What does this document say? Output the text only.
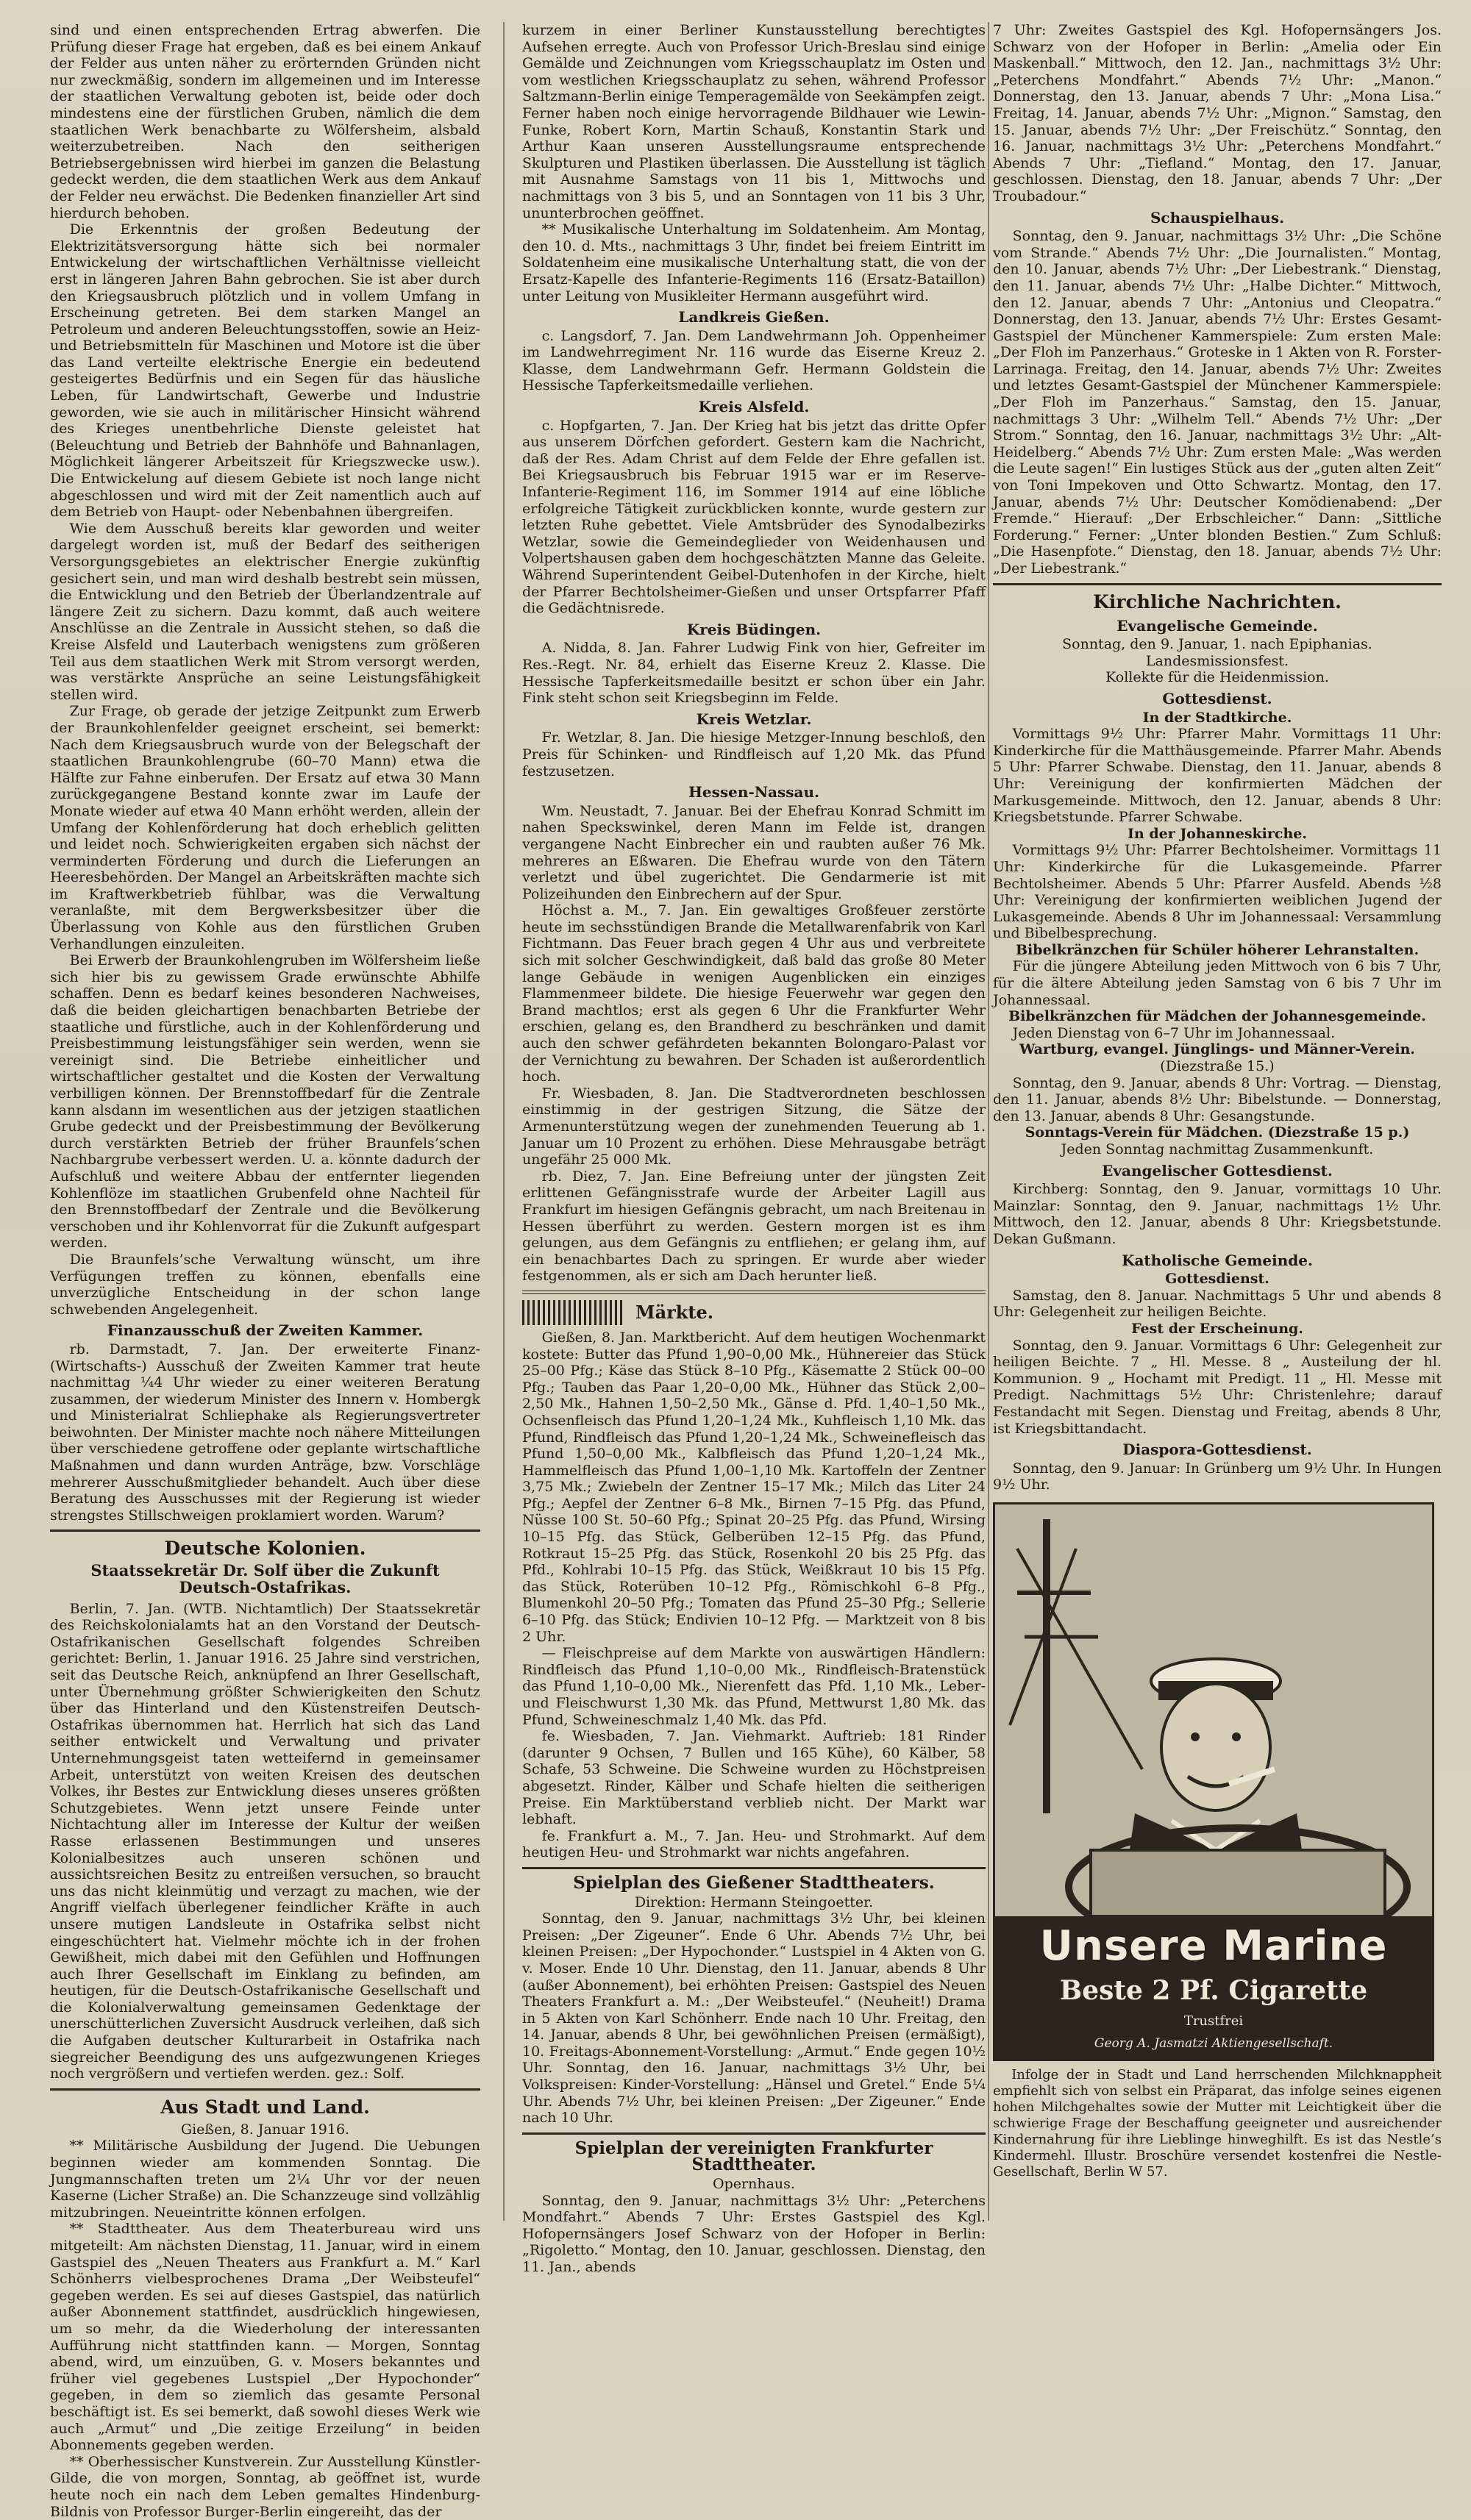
sind und einen entsprechenden Ertrag abwerfen. Die Prüfung dieser Frage hat ergeben, daß es bei einem Ankauf der Felder aus unten näher zu erörternden Gründen nicht nur zweckmäßig, sondern im allgemeinen und im Interesse der staatlichen Verwaltung geboten ist, beide oder doch mindestens eine der fürstlichen Gruben, nämlich die dem staatlichen Werk benachbarte zu Wölfersheim, alsbald weiterzubetreiben. Nach den seitherigen Betriebsergebnissen wird hierbei im ganzen die Belastung gedeckt werden, die dem staatlichen Werk aus dem Ankauf der Felder neu erwächst. Die Bedenken finanzieller Art sind hierdurch behoben.

Die Erkenntnis der großen Bedeutung der Elektrizitätsversorgung hätte sich bei normaler Entwickelung der wirtschaftlichen Verhältnisse vielleicht erst in längeren Jahren Bahn gebrochen. Sie ist aber durch den Kriegsausbruch plötzlich und in vollem Umfang in Erscheinung getreten. Bei dem starken Mangel an Petroleum und anderen Beleuchtungsstoffen, sowie an Heiz- und Betriebsmitteln für Maschinen und Motore ist die über das Land verteilte elektrische Energie ein bedeutend gesteigertes Bedürfnis und ein Segen für das häusliche Leben, für Landwirtschaft, Gewerbe und Industrie geworden, wie sie auch in militärischer Hinsicht während des Krieges unentbehrliche Dienste geleistet hat (Beleuchtung und Betrieb der Bahnhöfe und Bahnanlagen, Möglichkeit längerer Arbeitszeit für Kriegszwecke usw.). Die Entwickelung auf diesem Gebiete ist noch lange nicht abgeschlossen und wird mit der Zeit namentlich auch auf dem Betrieb von Haupt- oder Nebenbahnen übergreifen.

Wie dem Ausschuß bereits klar geworden und weiter dargelegt worden ist, muß der Bedarf des seitherigen Versorgungsgebietes an elektrischer Energie zukünftig gesichert sein, und man wird deshalb bestrebt sein müssen, die Entwicklung und den Betrieb der Überlandzentrale auf längere Zeit zu sichern. Dazu kommt, daß auch weitere Anschlüsse an die Zentrale in Aussicht stehen, so daß die Kreise Alsfeld und Lauterbach wenigstens zum größeren Teil aus dem staatlichen Werk mit Strom versorgt werden, was verstärkte Ansprüche an seine Leistungsfähigkeit stellen wird.

Zur Frage, ob gerade der jetzige Zeitpunkt zum Erwerb der Braunkohlenfelder geeignet erscheint, sei bemerkt: Nach dem Kriegsausbruch wurde von der Belegschaft der staatlichen Braunkohlengrube (60–70 Mann) etwa die Hälfte zur Fahne einberufen. Der Ersatz auf etwa 30 Mann zurückgegangene Bestand konnte zwar im Laufe der Monate wieder auf etwa 40 Mann erhöht werden, allein der Umfang der Kohlenförderung hat doch erheblich gelitten und leidet noch. Schwierigkeiten ergaben sich nächst der verminderten Förderung und durch die Lieferungen an Heeresbehörden. Der Mangel an Arbeitskräften machte sich im Kraftwerkbetrieb fühlbar, was die Verwaltung veranlaßte, mit dem Bergwerksbesitzer über die Überlassung von Kohle aus den fürstlichen Gruben Verhandlungen einzuleiten.

Bei Erwerb der Braunkohlengruben im Wölfersheim ließe sich hier bis zu gewissem Grade erwünschte Abhilfe schaffen. Denn es bedarf keines besonderen Nachweises, daß die beiden gleichartigen benachbarten Betriebe der staatliche und fürstliche, auch in der Kohlenförderung und Preisbestimmung leistungsfähiger sein werden, wenn sie vereinigt sind. Die Betriebe einheitlicher und wirtschaftlicher gestaltet und die Kosten der Verwaltung verbilligen können. Der Brennstoffbedarf für die Zentrale kann alsdann im wesentlichen aus der jetzigen staatlichen Grube gedeckt und der Preisbestimmung der Bevölkerung durch verstärkten Betrieb der früher Braunfels’schen Nachbargrube verbessert werden. U. a. könnte dadurch der Aufschluß und weitere Abbau der entfernter liegenden Kohlenflöze im staatlichen Grubenfeld ohne Nachteil für den Brennstoffbedarf der Zentrale und die Bevölkerung verschoben und ihr Kohlenvorrat für die Zukunft aufgespart werden.

Die Braunfels’sche Verwaltung wünscht, um ihre Verfügungen treffen zu können, ebenfalls eine unverzügliche Entscheidung in der schon lange schwebenden Angelegenheit.

Finanzausschuß der Zweiten Kammer.

rb. Darmstadt, 7. Jan. Der erweiterte Finanz-(Wirtschafts-) Ausschuß der Zweiten Kammer trat heute nachmittag ¼4 Uhr wieder zu einer weiteren Beratung zusammen, der wiederum Minister des Innern v. Hombergk und Ministerialrat Schliephake als Regierungsvertreter beiwohnten. Der Minister machte noch nähere Mitteilungen über verschiedene getroffene oder geplante wirtschaftliche Maßnahmen und dann wurden Anträge, bzw. Vorschläge mehrerer Ausschußmitglieder behandelt. Auch über diese Beratung des Ausschusses mit der Regierung ist wieder strengstes Stillschweigen proklamiert worden. Warum?

Deutsche Kolonien.
Staatssekretär Dr. Solf über die Zukunft Deutsch-Ostafrikas.

Berlin, 7. Jan. (WTB. Nichtamtlich) Der Staatssekretär des Reichskolonialamts hat an den Vorstand der Deutsch-Ostafrikanischen Gesellschaft folgendes Schreiben gerichtet: Berlin, 1. Januar 1916. 25 Jahre sind verstrichen, seit das Deutsche Reich, anknüpfend an Ihrer Gesellschaft, unter Übernehmung größter Schwierigkeiten den Schutz über das Hinterland und den Küstenstreifen Deutsch-Ostafrikas übernommen hat. Herrlich hat sich das Land seither entwickelt und Verwaltung und privater Unternehmungsgeist taten wetteifernd in gemeinsamer Arbeit, unterstützt von weiten Kreisen des deutschen Volkes, ihr Bestes zur Entwicklung dieses unseres größten Schutzgebietes. Wenn jetzt unsere Feinde unter Nichtachtung aller im Interesse der Kultur der weißen Rasse erlassenen Bestimmungen und unseres Kolonialbesitzes auch unseren schönen und aussichtsreichen Besitz zu entreißen versuchen, so braucht uns das nicht kleinmütig und verzagt zu machen, wie der Angriff vielfach überlegener feindlicher Kräfte in auch unsere mutigen Landsleute in Ostafrika selbst nicht eingeschüchtert hat. Vielmehr möchte ich in der frohen Gewißheit, mich dabei mit den Gefühlen und Hoffnungen auch Ihrer Gesellschaft im Einklang zu befinden, am heutigen, für die Deutsch-Ostafrikanische Gesellschaft und die Kolonialverwaltung gemeinsamen Gedenktage der unerschütterlichen Zuversicht Ausdruck verleihen, daß sich die Aufgaben deutscher Kulturarbeit in Ostafrika nach siegreicher Beendigung des uns aufgezwungenen Krieges noch vergrößern und vertiefen werden. gez.: Solf.

Aus Stadt und Land.
Gießen, 8. Januar 1916.

** Militärische Ausbildung der Jugend. Die Uebungen beginnen wieder am kommenden Sonntag. Die Jungmannschaften treten um 2¼ Uhr vor der neuen Kaserne (Licher Straße) an. Die Schanzzeuge sind vollzählig mitzubringen. Neueintritte können erfolgen.

** Stadttheater. Aus dem Theaterbureau wird uns mitgeteilt: Am nächsten Dienstag, 11. Januar, wird in einem Gastspiel des „Neuen Theaters aus Frankfurt a. M.“ Karl Schönherrs vielbesprochenes Drama „Der Weibsteufel“ gegeben werden. Es sei auf dieses Gastspiel, das natürlich außer Abonnement stattfindet, ausdrücklich hingewiesen, um so mehr, da die Wiederholung der interessanten Aufführung nicht stattfinden kann. — Morgen, Sonntag abend, wird, um einzuüben, G. v. Mosers bekanntes und früher viel gegebenes Lustspiel „Der Hypochonder“ gegeben, in dem so ziemlich das gesamte Personal beschäftigt ist. Es sei bemerkt, daß sowohl dieses Werk wie auch „Armut“ und „Die zeitige Erzeilung“ in beiden Abonnements gegeben werden.

** Oberhessischer Kunstverein. Zur Ausstellung Künstler-Gilde, die von morgen, Sonntag, ab geöffnet ist, wurde heute noch ein nach dem Leben gemaltes Hindenburg-Bildnis von Professor Burger-Berlin eingereiht, das der

kurzem in einer Berliner Kunstausstellung berechtigtes Aufsehen erregte. Auch von Professor Urich-Breslau sind einige Gemälde und Zeichnungen vom Kriegsschauplatz im Osten und vom westlichen Kriegsschauplatz zu sehen, während Professor Saltzmann-Berlin einige Temperagemälde von Seekämpfen zeigt. Ferner haben noch einige hervorragende Bildhauer wie Lewin-Funke, Robert Korn, Martin Schauß, Konstantin Stark und Arthur Kaan unseren Ausstellungsraume entsprechende Skulpturen und Plastiken überlassen. Die Ausstellung ist täglich mit Ausnahme Samstags von 11 bis 1, Mittwochs und nachmittags von 3 bis 5, und an Sonntagen von 11 bis 3 Uhr, ununterbrochen geöffnet.

** Musikalische Unterhaltung im Soldatenheim. Am Montag, den 10. d. Mts., nachmittags 3 Uhr, findet bei freiem Eintritt im Soldatenheim eine musikalische Unterhaltung statt, die von der Ersatz-Kapelle des Infanterie-Regiments 116 (Ersatz-Bataillon) unter Leitung von Musikleiter Hermann ausgeführt wird.

Landkreis Gießen.

c. Langsdorf, 7. Jan. Dem Landwehrmann Joh. Oppenheimer im Landwehrregiment Nr. 116 wurde das Eiserne Kreuz 2. Klasse, dem Landwehrmann Gefr. Hermann Goldstein die Hessische Tapferkeitsmedaille verliehen.

Kreis Alsfeld.

c. Hopfgarten, 7. Jan. Der Krieg hat bis jetzt das dritte Opfer aus unserem Dörfchen gefordert. Gestern kam die Nachricht, daß der Res. Adam Christ auf dem Felde der Ehre gefallen ist. Bei Kriegsausbruch bis Februar 1915 war er im Reserve-Infanterie-Regiment 116, im Sommer 1914 auf eine löbliche erfolgreiche Tätigkeit zurückblicken konnte, wurde gestern zur letzten Ruhe gebettet. Viele Amtsbrüder des Synodalbezirks Wetzlar, sowie die Gemeindeglieder von Weidenhausen und Volpertshausen gaben dem hochgeschätzten Manne das Geleite. Während Superintendent Geibel-Dutenhofen in der Kirche, hielt der Pfarrer Bechtolsheimer-Gießen und unser Ortspfarrer Pfaff die Gedächtnisrede.

Kreis Büdingen.

A. Nidda, 8. Jan. Fahrer Ludwig Fink von hier, Gefreiter im Res.-Regt. Nr. 84, erhielt das Eiserne Kreuz 2. Klasse. Die Hessische Tapferkeitsmedaille besitzt er schon über ein Jahr. Fink steht schon seit Kriegsbeginn im Felde.

Kreis Wetzlar.

Fr. Wetzlar, 8. Jan. Die hiesige Metzger-Innung beschloß, den Preis für Schinken- und Rindfleisch auf 1,20 Mk. das Pfund festzusetzen.

Hessen-Nassau.

Wm. Neustadt, 7. Januar. Bei der Ehefrau Konrad Schmitt im nahen Speckswinkel, deren Mann im Felde ist, drangen vergangene Nacht Einbrecher ein und raubten außer 76 Mk. mehreres an Eßwaren. Die Ehefrau wurde von den Tätern verletzt und übel zugerichtet. Die Gendarmerie ist mit Polizeihunden den Einbrechern auf der Spur.

Höchst a. M., 7. Jan. Ein gewaltiges Großfeuer zerstörte heute im sechsstündigen Brande die Metallwarenfabrik von Karl Fichtmann. Das Feuer brach gegen 4 Uhr aus und verbreitete sich mit solcher Geschwindigkeit, daß bald das große 80 Meter lange Gebäude in wenigen Augenblicken ein einziges Flammenmeer bildete. Die hiesige Feuerwehr war gegen den Brand machtlos; erst als gegen 6 Uhr die Frankfurter Wehr erschien, gelang es, den Brandherd zu beschränken und damit auch den schwer gefährdeten bekannten Bolongaro-Palast vor der Vernichtung zu bewahren. Der Schaden ist außerordentlich hoch.

Fr. Wiesbaden, 8. Jan. Die Stadtverordneten beschlossen einstimmig in der gestrigen Sitzung, die Sätze der Armenunterstützung wegen der zunehmenden Teuerung ab 1. Januar um 10 Prozent zu erhöhen. Diese Mehrausgabe beträgt ungefähr 25 000 Mk.

rb. Diez, 7. Jan. Eine Befreiung unter der jüngsten Zeit erlittenen Gefängnisstrafe wurde der Arbeiter Lagill aus Frankfurt im hiesigen Gefängnis gebracht, um nach Breitenau in Hessen überführt zu werden. Gestern morgen ist es ihm gelungen, aus dem Gefängnis zu entfliehen; er gelang ihm, auf ein benachbartes Dach zu springen. Er wurde aber wieder festgenommen, als er sich am Dach herunter ließ.

Märkte.

Gießen, 8. Jan. Marktbericht. Auf dem heutigen Wochenmarkt kostete: Butter das Pfund 1,90–0,00 Mk., Hühnereier das Stück 25–00 Pfg.; Käse das Stück 8–10 Pfg., Käsematte 2 Stück 00–00 Pfg.; Tauben das Paar 1,20–0,00 Mk., Hühner das Stück 2,00–2,50 Mk., Hahnen 1,50–2,50 Mk., Gänse d. Pfd. 1,40–1,50 Mk., Ochsenfleisch das Pfund 1,20–1,24 Mk., Kuhfleisch 1,10 Mk. das Pfund, Rindfleisch das Pfund 1,20–1,24 Mk., Schweinefleisch das Pfund 1,50–0,00 Mk., Kalbfleisch das Pfund 1,20–1,24 Mk., Hammelfleisch das Pfund 1,00–1,10 Mk. Kartoffeln der Zentner 3,75 Mk.; Zwiebeln der Zentner 15–17 Mk.; Milch das Liter 24 Pfg.; Aepfel der Zentner 6–8 Mk., Birnen 7–15 Pfg. das Pfund, Nüsse 100 St. 50–60 Pfg.; Spinat 20–25 Pfg. das Pfund, Wirsing 10–15 Pfg. das Stück, Gelberüben 12–15 Pfg. das Pfund, Rotkraut 15–25 Pfg. das Stück, Rosenkohl 20 bis 25 Pfg. das Pfd., Kohlrabi 10–15 Pfg. das Stück, Weißkraut 10 bis 15 Pfg. das Stück, Roterüben 10–12 Pfg., Römischkohl 6–8 Pfg., Blumenkohl 20–50 Pfg.; Tomaten das Pfund 25–30 Pfg.; Sellerie 6–10 Pfg. das Stück; Endivien 10–12 Pfg. — Marktzeit von 8 bis 2 Uhr.

— Fleischpreise auf dem Markte von auswärtigen Händlern: Rindfleisch das Pfund 1,10–0,00 Mk., Rindfleisch-Bratenstück das Pfund 1,10–0,00 Mk., Nierenfett das Pfd. 1,10 Mk., Leber- und Fleischwurst 1,30 Mk. das Pfund, Mettwurst 1,80 Mk. das Pfund, Schweineschmalz 1,40 Mk. das Pfd.

fe. Wiesbaden, 7. Jan. Viehmarkt. Auftrieb: 181 Rinder (darunter 9 Ochsen, 7 Bullen und 165 Kühe), 60 Kälber, 58 Schafe, 53 Schweine. Die Schweine wurden zu Höchstpreisen abgesetzt. Rinder, Kälber und Schafe hielten die seitherigen Preise. Ein Marktüberstand verblieb nicht. Der Markt war lebhaft.

fe. Frankfurt a. M., 7. Jan. Heu- und Strohmarkt. Auf dem heutigen Heu- und Strohmarkt war nichts angefahren.

Spielplan des Gießener Stadttheaters.
Direktion: Hermann Steingoetter.

Sonntag, den 9. Januar, nachmittags 3½ Uhr, bei kleinen Preisen: „Der Zigeuner“. Ende 6 Uhr. Abends 7½ Uhr, bei kleinen Preisen: „Der Hypochonder.“ Lustspiel in 4 Akten von G. v. Moser. Ende 10 Uhr. Dienstag, den 11. Januar, abends 8 Uhr (außer Abonnement), bei erhöhten Preisen: Gastspiel des Neuen Theaters Frankfurt a. M.: „Der Weibsteufel.“ (Neuheit!) Drama in 5 Akten von Karl Schönherr. Ende nach 10 Uhr. Freitag, den 14. Januar, abends 8 Uhr, bei gewöhnlichen Preisen (ermäßigt), 10. Freitags-Abonnement-Vorstellung: „Armut.“ Ende gegen 10½ Uhr. Sonntag, den 16. Januar, nachmittags 3½ Uhr, bei Volkspreisen: Kinder-Vorstellung: „Hänsel und Gretel.“ Ende 5¼ Uhr. Abends 7½ Uhr, bei kleinen Preisen: „Der Zigeuner.“ Ende nach 10 Uhr.

Spielplan der vereinigten Frankfurter Stadttheater.
Opernhaus.

Sonntag, den 9. Januar, nachmittags 3½ Uhr: „Peterchens Mondfahrt.“ Abends 7 Uhr: Erstes Gastspiel des Kgl. Hofopernsängers Josef Schwarz von der Hofoper in Berlin: „Rigoletto.“ Montag, den 10. Januar, geschlossen. Dienstag, den 11. Jan., abends

7 Uhr: Zweites Gastspiel des Kgl. Hofopernsängers Jos. Schwarz von der Hofoper in Berlin: „Amelia oder Ein Maskenball.“ Mittwoch, den 12. Jan., nachmittags 3½ Uhr: „Peterchens Mondfahrt.“ Abends 7½ Uhr: „Manon.“ Donnerstag, den 13. Januar, abends 7 Uhr: „Mona Lisa.“ Freitag, 14. Januar, abends 7½ Uhr: „Mignon.“ Samstag, den 15. Januar, abends 7½ Uhr: „Der Freischütz.“ Sonntag, den 16. Januar, nachmittags 3½ Uhr: „Peterchens Mondfahrt.“ Abends 7 Uhr: „Tiefland.“ Montag, den 17. Januar, geschlossen. Dienstag, den 18. Januar, abends 7 Uhr: „Der Troubadour.“

Schauspielhaus.

Sonntag, den 9. Januar, nachmittags 3½ Uhr: „Die Schöne vom Strande.“ Abends 7½ Uhr: „Die Journalisten.“ Montag, den 10. Januar, abends 7½ Uhr: „Der Liebestrank.“ Dienstag, den 11. Januar, abends 7½ Uhr: „Halbe Dichter.“ Mittwoch, den 12. Januar, abends 7 Uhr: „Antonius und Cleopatra.“ Donnerstag, den 13. Januar, abends 7½ Uhr: Erstes Gesamt-Gastspiel der Münchener Kammerspiele: Zum ersten Male: „Der Floh im Panzerhaus.“ Groteske in 1 Akten von R. Forster-Larrinaga. Freitag, den 14. Januar, abends 7½ Uhr: Zweites und letztes Gesamt-Gastspiel der Münchener Kammerspiele: „Der Floh im Panzerhaus.“ Samstag, den 15. Januar, nachmittags 3 Uhr: „Wilhelm Tell.“ Abends 7½ Uhr: „Der Strom.“ Sonntag, den 16. Januar, nachmittags 3½ Uhr: „Alt-Heidelberg.“ Abends 7½ Uhr: Zum ersten Male: „Was werden die Leute sagen!“ Ein lustiges Stück aus der „guten alten Zeit“ von Toni Impekoven und Otto Schwartz. Montag, den 17. Januar, abends 7½ Uhr: Deutscher Komödienabend: „Der Fremde.“ Hierauf: „Der Erbschleicher.“ Dann: „Sittliche Forderung.“ Ferner: „Unter blonden Bestien.“ Zum Schluß: „Die Hasenpfote.“ Dienstag, den 18. Januar, abends 7½ Uhr: „Der Liebestrank.“

Kirchliche Nachrichten.
Evangelische Gemeinde.
Sonntag, den 9. Januar, 1. nach Epiphanias.
Landesmissionsfest.
Kollekte für die Heidenmission.
Gottesdienst.
In der Stadtkirche.

Vormittags 9½ Uhr: Pfarrer Mahr. Vormittags 11 Uhr: Kinderkirche für die Matthäusgemeinde. Pfarrer Mahr. Abends 5 Uhr: Pfarrer Schwabe. Dienstag, den 11. Januar, abends 8 Uhr: Vereinigung der konfirmierten Mädchen der Markusgemeinde. Mittwoch, den 12. Januar, abends 8 Uhr: Kriegsbetstunde. Pfarrer Schwabe.

In der Johanneskirche.

Vormittags 9½ Uhr: Pfarrer Bechtolsheimer. Vormittags 11 Uhr: Kinderkirche für die Lukasgemeinde. Pfarrer Bechtolsheimer. Abends 5 Uhr: Pfarrer Ausfeld. Abends ½8 Uhr: Vereinigung der konfirmierten weiblichen Jugend der Lukasgemeinde. Abends 8 Uhr im Johannessaal: Versammlung und Bibelbesprechung.

Bibelkränzchen für Schüler höherer Lehranstalten.

Für die jüngere Abteilung jeden Mittwoch von 6 bis 7 Uhr, für die ältere Abteilung jeden Samstag von 6 bis 7 Uhr im Johannessaal.

Bibelkränzchen für Mädchen der Johannesgemeinde.

Jeden Dienstag von 6–7 Uhr im Johannessaal.

Wartburg, evangel. Jünglings- und Männer-Verein.
(Diezstraße 15.)

Sonntag, den 9. Januar, abends 8 Uhr: Vortrag. — Dienstag, den 11. Januar, abends 8½ Uhr: Bibelstunde. — Donnerstag, den 13. Januar, abends 8 Uhr: Gesangstunde.

Sonntags-Verein für Mädchen. (Diezstraße 15 p.)
Jeden Sonntag nachmittag Zusammenkunft.
Evangelischer Gottesdienst.

Kirchberg: Sonntag, den 9. Januar, vormittags 10 Uhr. Mainzlar: Sonntag, den 9. Januar, nachmittags 1½ Uhr. Mittwoch, den 12. Januar, abends 8 Uhr: Kriegsbetstunde. Dekan Gußmann.

Katholische Gemeinde.
Gottesdienst.

Samstag, den 8. Januar. Nachmittags 5 Uhr und abends 8 Uhr: Gelegenheit zur heiligen Beichte.

Fest der Erscheinung.

Sonntag, den 9. Januar. Vormittags 6 Uhr: Gelegenheit zur heiligen Beichte. 7 „ Hl. Messe. 8 „ Austeilung der hl. Kommunion. 9 „ Hochamt mit Predigt. 11 „ Hl. Messe mit Predigt. Nachmittags 5½ Uhr: Christenlehre; darauf Festandacht mit Segen. Dienstag und Freitag, abends 8 Uhr, ist Kriegsbittandacht.

Diaspora-Gottesdienst.

Sonntag, den 9. Januar: In Grünberg um 9½ Uhr. In Hungen 9½ Uhr.

Unsere Marine
Beste 2 Pf. Cigarette
Trustfrei
Georg A. Jasmatzi Aktiengesellschaft.

Infolge der in Stadt und Land herrschenden Milchknappheit empfiehlt sich von selbst ein Präparat, das infolge seines eigenen hohen Milchgehaltes sowie der Mutter mit Leichtigkeit über die schwierige Frage der Beschaffung geeigneter und ausreichender Kindernahrung für ihre Lieblinge hinweghilft. Es ist das Nestle’s Kindermehl. Illustr. Broschüre versendet kostenfrei die Nestle-Gesellschaft, Berlin W 57.
